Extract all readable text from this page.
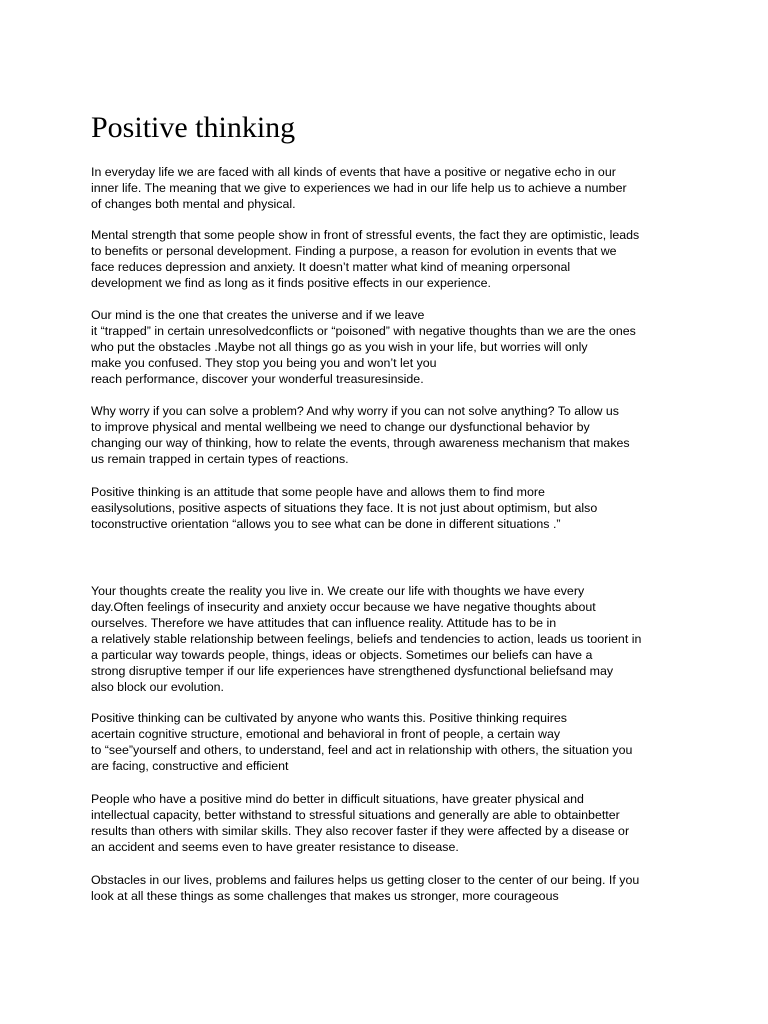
Positive thinking
In everyday life we are faced with all kinds of events that have a positive or negative echo in our
inner life. The meaning that we give to experiences we had in our life help us to achieve a number
of changes both mental and physical.
Mental strength that some people show in front of stressful events, the fact they are optimistic, leads
to benefits or personal development. Finding a purpose, a reason for evolution in events that we
face reduces depression and anxiety. It doesn’t matter what kind of meaning orpersonal
development we find as long as it finds positive effects in our experience.
Our mind is the one that creates the universe and if we leave
it “trapped” in certain unresolvedconflicts or “poisoned” with negative thoughts than we are the ones
who put the obstacles .Maybe not all things go as you wish in your life, but worries will only
make you confused. They stop you being you and won’t let you
reach performance, discover your wonderful treasuresinside.
Why worry if you can solve a problem? And why worry if you can not solve anything? To allow us
to improve physical and mental wellbeing we need to change our dysfunctional behavior by
changing our way of thinking, how to relate the events, through awareness mechanism that makes
us remain trapped in certain types of reactions.
Positive thinking is an attitude that some people have and allows them to find more
easilysolutions, positive aspects of situations they face. It is not just about optimism, but also
toconstructive orientation “allows you to see what can be done in different situations .”
Your thoughts create the reality you live in. We create our life with thoughts we have every
day.Often feelings of insecurity and anxiety occur because we have negative thoughts about
ourselves. Therefore we have attitudes that can influence reality. Attitude has to be in
a relatively stable relationship between feelings, beliefs and tendencies to action, leads us toorient in
a particular way towards people, things, ideas or objects. Sometimes our beliefs can have a
strong disruptive temper if our life experiences have strengthened dysfunctional beliefsand may
also block our evolution.
Positive thinking can be cultivated by anyone who wants this. Positive thinking requires
acertain cognitive structure, emotional and behavioral in front of people, a certain way
to “see”yourself and others, to understand, feel and act in relationship with others, the situation you
are facing, constructive and efficient
People who have a positive mind do better in difficult situations, have greater physical and
intellectual capacity, better withstand to stressful situations and generally are able to obtainbetter
results than others with similar skills. They also recover faster if they were affected by a disease or
an accident and seems even to have greater resistance to disease.
Obstacles in our lives, problems and failures helps us getting closer to the center of our being. If you
look at all these things as some challenges that makes us stronger, more courageous
